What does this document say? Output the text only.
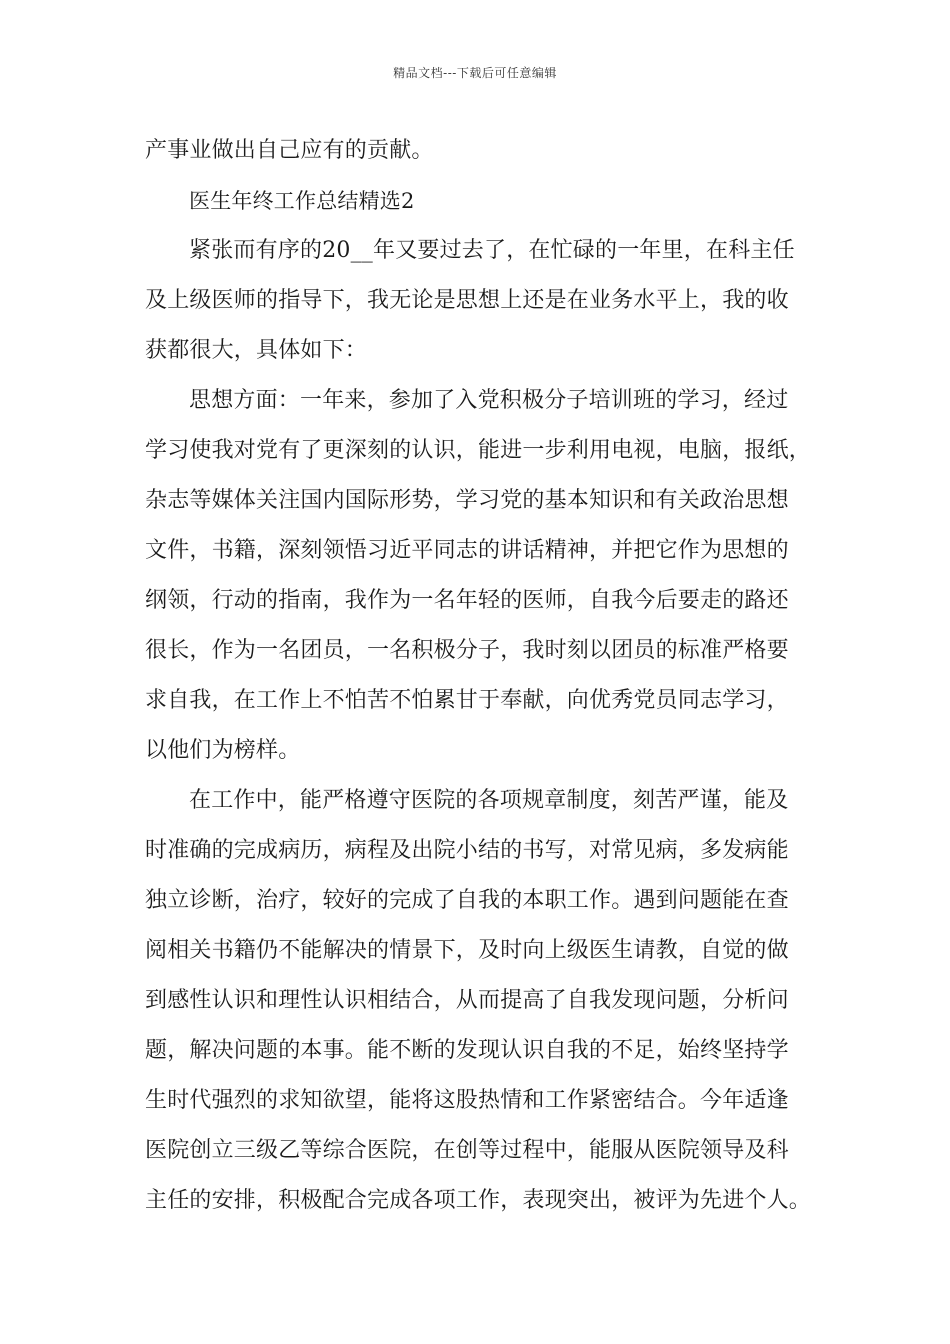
精品文档---下载后可任意编辑
产事业做出自己应有的贡献。
医生年终工作总结精选2
紧张而有序的20__年又要过去了，在忙碌的一年里，在科主任
及上级医师的指导下，我无论是思想上还是在业务水平上，我的收
获都很大，具体如下：
思想方面：一年来，参加了入党积极分子培训班的学习，经过
学习使我对党有了更深刻的认识，能进一步利用电视，电脑，报纸，
杂志等媒体关注国内国际形势，学习党的基本知识和有关政治思想
文件，书籍，深刻领悟习近平同志的讲话精神，并把它作为思想的
纲领，行动的指南，我作为一名年轻的医师，自我今后要走的路还
很长，作为一名团员，一名积极分子，我时刻以团员的标准严格要
求自我，在工作上不怕苦不怕累甘于奉献，向优秀党员同志学习，
以他们为榜样。
在工作中，能严格遵守医院的各项规章制度，刻苦严谨，能及
时准确的完成病历，病程及出院小结的书写，对常见病，多发病能
独立诊断，治疗，较好的完成了自我的本职工作。遇到问题能在查
阅相关书籍仍不能解决的情景下，及时向上级医生请教，自觉的做
到感性认识和理性认识相结合，从而提高了自我发现问题，分析问
题，解决问题的本事。能不断的发现认识自我的不足，始终坚持学
生时代强烈的求知欲望，能将这股热情和工作紧密结合。今年适逢
医院创立三级乙等综合医院，在创等过程中，能服从医院领导及科
主任的安排，积极配合完成各项工作，表现突出，被评为先进个人。
